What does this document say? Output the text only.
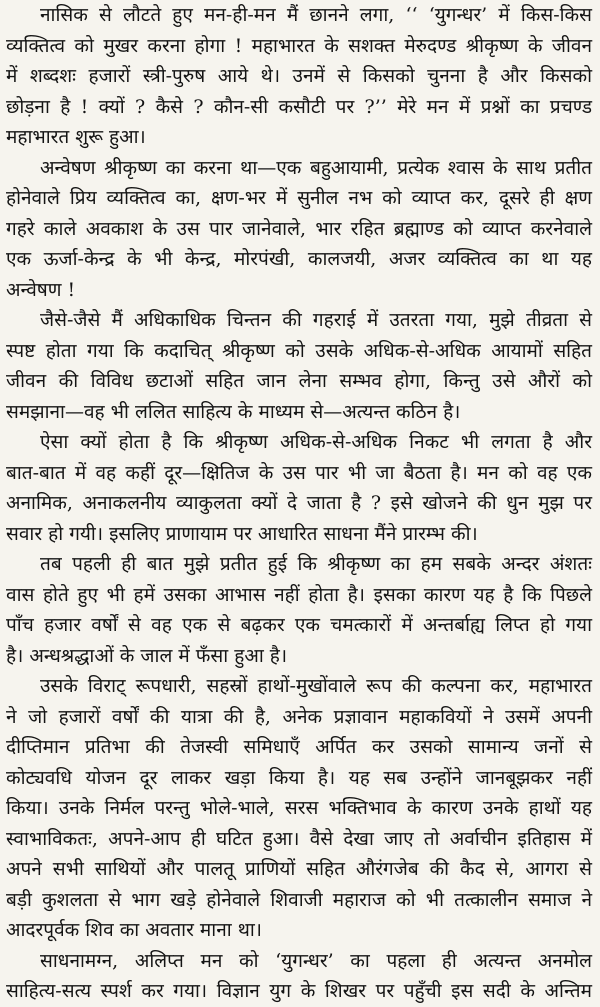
नासिक से लौटते हुए मन-ही-मन मैं छानने लगा, ‘‘ ‘युगन्धर’ में किस-किस
व्यक्तित्व को मुखर करना होगा ! महाभारत के सशक्त मेरुदण्ड श्रीकृष्ण के जीवन
में शब्दशः हजारों स्त्री-पुरुष आये थे। उनमें से किसको चुनना है और किसको
छोड़ना है ! क्यों ? कैसे ? कौन-सी कसौटी पर ?’’ मेरे मन में प्रश्नों का प्रचण्ड
महाभारत शुरू हुआ।

अन्वेषण श्रीकृष्ण का करना था—एक बहुआयामी, प्रत्येक श्वास के साथ प्रतीत
होनेवाले प्रिय व्यक्तित्व का, क्षण-भर में सुनील नभ को व्याप्त कर, दूसरे ही क्षण
गहरे काले अवकाश के उस पार जानेवाले, भार रहित ब्रह्माण्ड को व्याप्त करनेवाले
एक ऊर्जा-केन्द्र के भी केन्द्र, मोरपंखी, कालजयी, अजर व्यक्तित्व का था यह
अन्वेषण !

जैसे-जैसे मैं अधिकाधिक चिन्तन की गहराई में उतरता गया, मुझे तीव्रता से
स्पष्ट होता गया कि कदाचित् श्रीकृष्ण को उसके अधिक-से-अधिक आयामों सहित
जीवन की विविध छटाओं सहित जान लेना सम्भव होगा, किन्तु उसे औरों को
समझाना—वह भी ललित साहित्य के माध्यम से—अत्यन्त कठिन है।

ऐसा क्यों होता है कि श्रीकृष्ण अधिक-से-अधिक निकट भी लगता है और
बात-बात में वह कहीं दूर—क्षितिज के उस पार भी जा बैठता है। मन को वह एक
अनामिक, अनाकलनीय व्याकुलता क्यों दे जाता है ? इसे खोजने की धुन मुझ पर
सवार हो गयी। इसलिए प्राणायाम पर आधारित साधना मैंने प्रारम्भ की।

तब पहली ही बात मुझे प्रतीत हुई कि श्रीकृष्ण का हम सबके अन्दर अंशतः
वास होते हुए भी हमें उसका आभास नहीं होता है। इसका कारण यह है कि पिछले
पाँच हजार वर्षों से वह एक से बढ़कर एक चमत्कारों में अन्तर्बाह्य लिप्त हो गया
है। अन्धश्रद्धाओं के जाल में फँसा हुआ है।

उसके विराट् रूपधारी, सहस्रों हाथों-मुखोंवाले रूप की कल्पना कर, महाभारत
ने जो हजारों वर्षों की यात्रा की है, अनेक प्रज्ञावान महाकवियों ने उसमें अपनी
दीप्तिमान प्रतिभा की तेजस्वी समिधाएँ अर्पित कर उसको सामान्य जनों से
कोट्यवधि योजन दूर लाकर खड़ा किया है। यह सब उन्होंने जानबूझकर नहीं
किया। उनके निर्मल परन्तु भोले-भाले, सरस भक्तिभाव के कारण उनके हाथों यह
स्वाभाविकतः, अपने-आप ही घटित हुआ। वैसे देखा जाए तो अर्वाचीन इतिहास में
अपने सभी साथियों और पालतू प्राणियों सहित औरंगजेब की कैद से, आगरा से
बड़ी कुशलता से भाग खड़े होनेवाले शिवाजी महाराज को भी तत्कालीन समाज ने
आदरपूर्वक शिव का अवतार माना था।

साधनामग्न, अलिप्त मन को ‘युगन्धर’ का पहला ही अत्यन्त अनमोल
साहित्य-सत्य स्पर्श कर गया। विज्ञान युग के शिखर पर पहुँची इस सदी के अन्तिम
